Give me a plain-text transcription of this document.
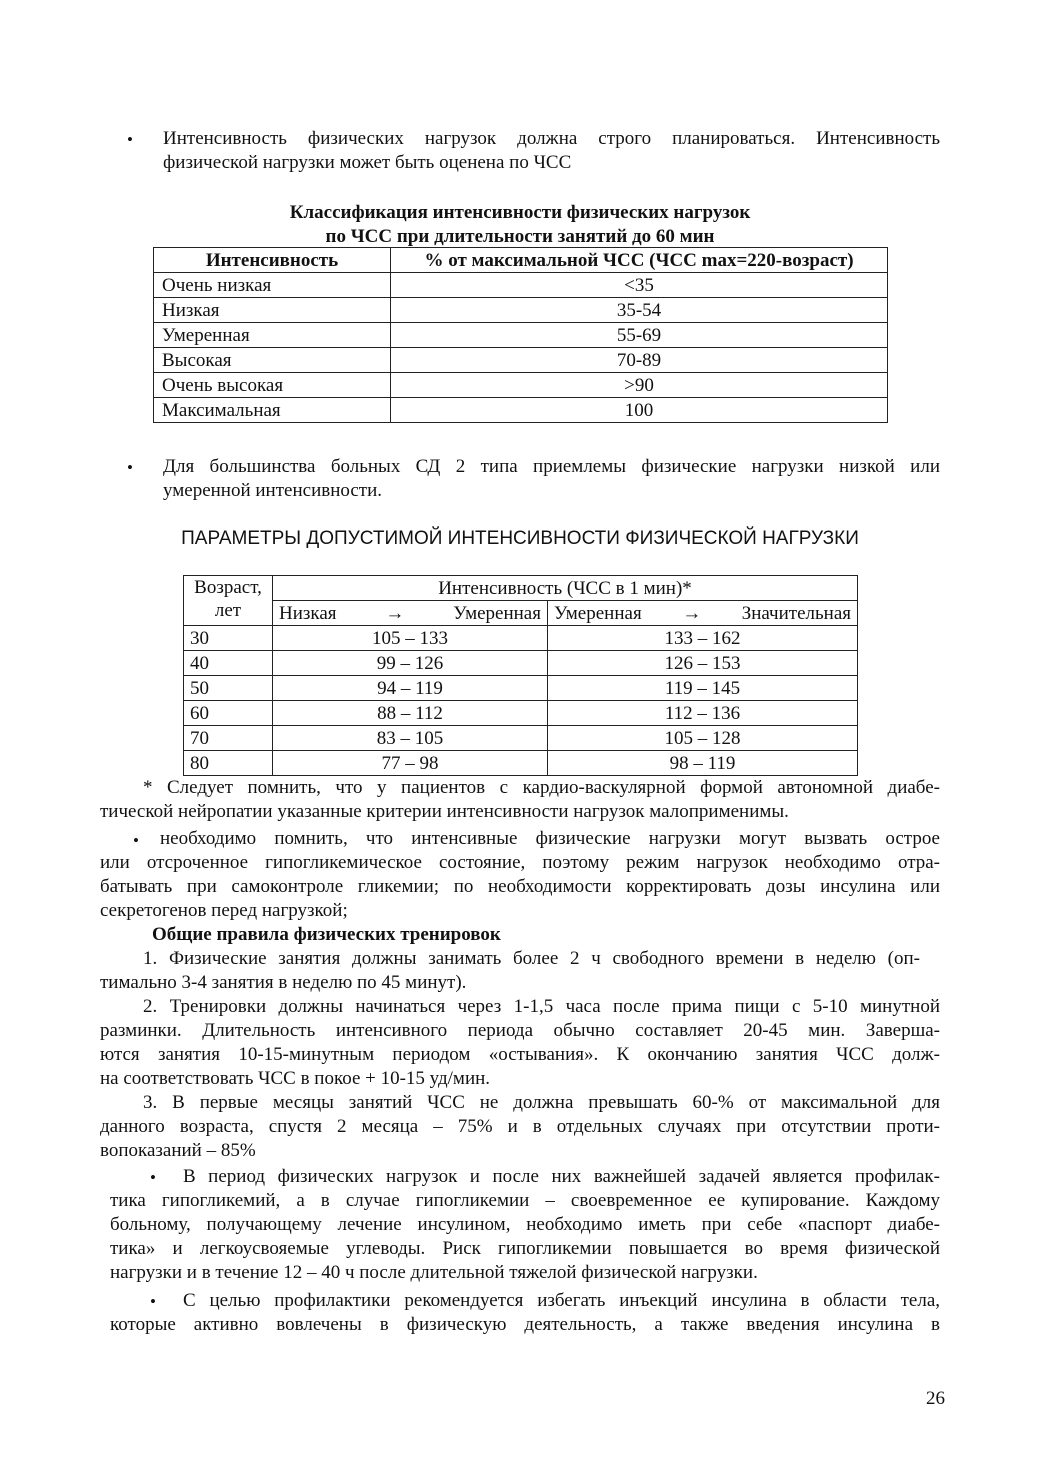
• Интенсивность физических нагрузок должна строго планироваться. Интенсивность
физической нагрузки может быть оценена по ЧСС
Классификация интенсивности физических нагрузок
по ЧСС при длительности занятий до 60 мин
Интенсивность	% от максимальной ЧСС (ЧСС max=220-возраст)
Очень низкая	<35
Низкая	35-54
Умеренная	55-69
Высокая	70-89
Очень высокая	>90
Максимальная	100
• Для большинства больных СД 2 типа приемлемы физические нагрузки низкой или
умеренной интенсивности.
ПАРАМЕТРЫ ДОПУСТИМОЙ ИНТЕНСИВНОСТИ ФИЗИЧЕСКОЙ НАГРУЗКИ
Возраст,
лет	Интенсивность (ЧСС в 1 мин)*	

	Низкая → Умеренная	Умеренная → Значительная

30	105 – 133	133 – 162
40	99 – 126	126 – 153
50	94 – 119	119 – 145
60	88 – 112	112 – 136
70	83 – 105	105 – 128
80	77 – 98	98 – 119
* Следует помнить, что у пациентов с кардио-васкулярной формой автономной диабе-
тической нейропатии указанные критерии интенсивности нагрузок малоприменимы.
• необходимо помнить, что интенсивные физические нагрузки могут вызвать острое
или отсроченное гипогликемическое состояние, поэтому режим нагрузок необходимо отра-
батывать при самоконтроле гликемии; по необходимости корректировать дозы инсулина или
секретогенов перед нагрузкой;
Общие правила физических тренировок
1. Физические занятия должны занимать более 2 ч свободного времени в неделю (оп-
тимально 3-4 занятия в неделю по 45 минут).
2. Тренировки должны начинаться через 1-1,5 часа после прима пищи с 5-10 минутной
разминки. Длительность интенсивного периода обычно составляет 20-45 мин. Заверша-
ются занятия 10-15-минутным периодом «остывания». К окончанию занятия ЧСС долж-
на соответствовать ЧСС в покое + 10-15 уд/мин.
3. В первые месяцы занятий ЧСС не должна превышать 60-% от максимальной для
данного возраста, спустя 2 месяца – 75% и в отдельных случаях при отсутствии проти-
вопоказаний – 85%
• В период физических нагрузок и после них важнейшей задачей является профилак-
тика гипогликемий, а в случае гипогликемии – своевременное ее купирование. Каждому
больному, получающему лечение инсулином, необходимо иметь при себе «паспорт диабе-
тика» и легкоусвояемые углеводы. Риск гипогликемии повышается во время физической
нагрузки и в течение 12 – 40 ч после длительной тяжелой физической нагрузки.
• С целью профилактики рекомендуется избегать инъекций инсулина в области тела,
которые активно вовлечены в физическую деятельность, а также введения инсулина в
26
